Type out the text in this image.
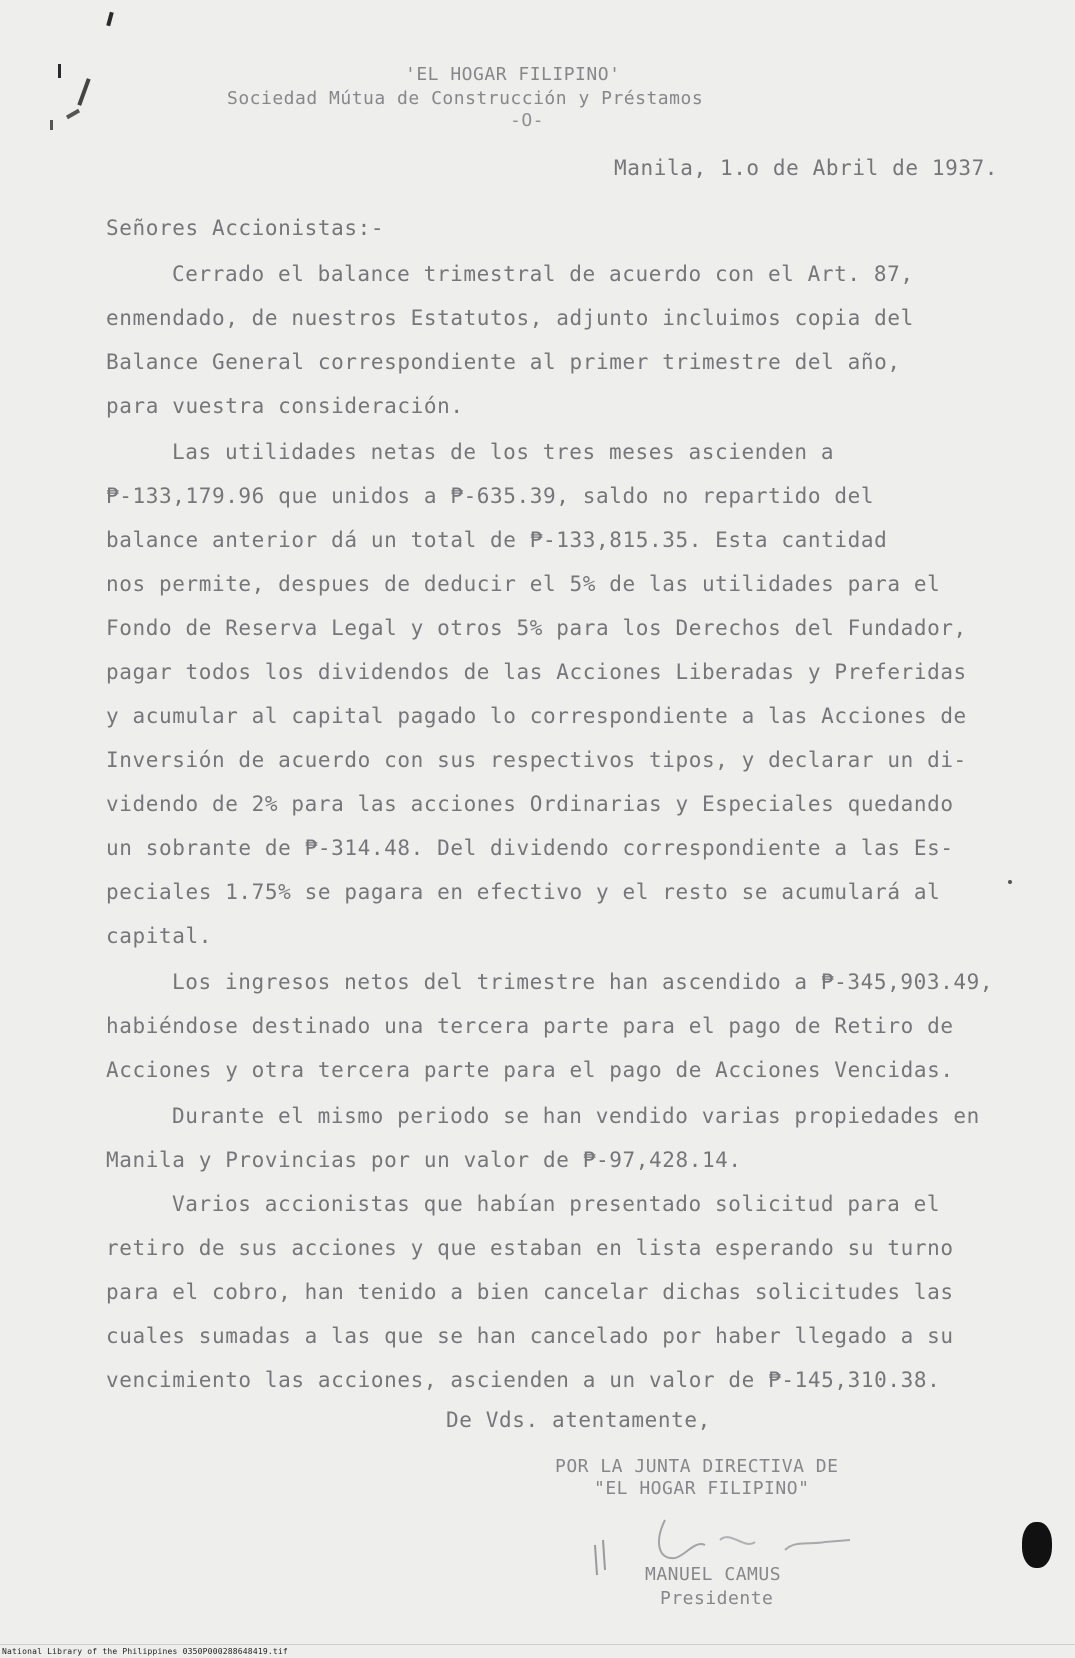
'EL HOGAR FILIPINO'
Sociedad Mútua de Construcción y Préstamos
-O-
Manila, 1.o de Abril de 1937.
Señores Accionistas:-
Cerrado el balance trimestral de acuerdo con el Art. 87,
enmendado, de nuestros Estatutos, adjunto incluimos copia del
Balance General correspondiente al primer trimestre del año,
para vuestra consideración.
Las utilidades netas de los tres meses ascienden a
₱-133,179.96 que unidos a ₱-635.39, saldo no repartido del
balance anterior dá un total de ₱-133,815.35. Esta cantidad
nos permite, despues de deducir el 5% de las utilidades para el
Fondo de Reserva Legal y otros 5% para los Derechos del Fundador,
pagar todos los dividendos de las Acciones Liberadas y Preferidas
y acumular al capital pagado lo correspondiente a las Acciones de
Inversión de acuerdo con sus respectivos tipos, y declarar un di-
videndo de 2% para las acciones Ordinarias y Especiales quedando
un sobrante de ₱-314.48. Del dividendo correspondiente a las Es-
peciales 1.75% se pagara en efectivo y el resto se acumulará al
capital.
Los ingresos netos del trimestre han ascendido a ₱-345,903.49,
habiéndose destinado una tercera parte para el pago de Retiro de
Acciones y otra tercera parte para el pago de Acciones Vencidas.
Durante el mismo periodo se han vendido varias propiedades en
Manila y Provincias por un valor de ₱-97,428.14.
Varios accionistas que habían presentado solicitud para el
retiro de sus acciones y que estaban en lista esperando su turno
para el cobro, han tenido a bien cancelar dichas solicitudes las
cuales sumadas a las que se han cancelado por haber llegado a su
vencimiento las acciones, ascienden a un valor de ₱-145,310.38.
De Vds. atentamente,
POR LA JUNTA DIRECTIVA DE
"EL HOGAR FILIPINO"
MANUEL CAMUS
Presidente
National Library of the Philippines 0350P000288648419.tif
